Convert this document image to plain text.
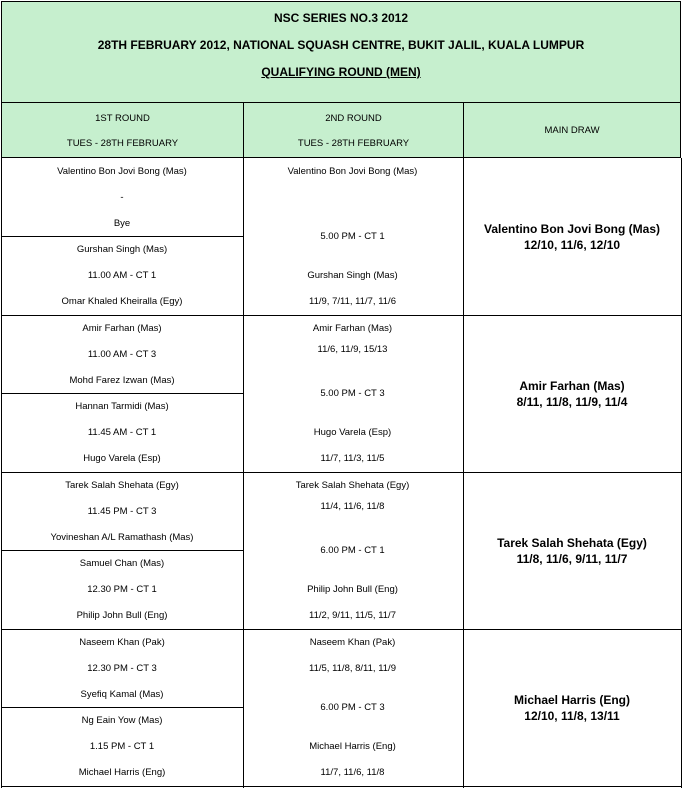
NSC SERIES NO.3 2012
28TH FEBRUARY 2012, NATIONAL SQUASH CENTRE, BUKIT JALIL, KUALA LUMPUR
QUALIFYING ROUND (MEN)
1ST ROUND
TUES - 28TH FEBRUARY
2ND ROUND
TUES - 28TH FEBRUARY
MAIN DRAW
Valentino Bon Jovi Bong (Mas)
-
Bye
Gurshan Singh (Mas)
11.00 AM - CT 1
Omar Khaled Kheiralla (Egy)
Valentino Bon Jovi Bong (Mas)
5.00 PM - CT 1
Gurshan Singh (Mas)
11/9, 7/11, 11/7, 11/6
Valentino Bon Jovi Bong (Mas)
12/10, 11/6, 12/10
Amir Farhan (Mas)
11.00 AM - CT 3
Mohd Farez Izwan (Mas)
Hannan Tarmidi (Mas)
11.45 AM - CT 1
Hugo Varela (Esp)
Amir Farhan (Mas)
11/6, 11/9, 15/13
5.00 PM - CT 3
Hugo Varela (Esp)
11/7, 11/3, 11/5
Amir Farhan (Mas)
8/11, 11/8, 11/9, 11/4
Tarek Salah Shehata (Egy)
11.45 PM - CT 3
Yovineshan A/L Ramathash (Mas)
Samuel Chan (Mas)
12.30 PM - CT 1
Philip John Bull (Eng)
Tarek Salah Shehata (Egy)
11/4, 11/6, 11/8
6.00 PM - CT 1
Philip John Bull (Eng)
11/2, 9/11, 11/5, 11/7
Tarek Salah Shehata (Egy)
11/8, 11/6, 9/11, 11/7
Naseem Khan (Pak)
12.30 PM - CT 3
Syefiq Kamal (Mas)
Ng Eain Yow (Mas)
1.15 PM - CT 1
Michael Harris (Eng)
Naseem Khan (Pak)
11/5, 11/8, 8/11, 11/9
6.00 PM - CT 3
Michael Harris (Eng)
11/7, 11/6, 11/8
Michael Harris (Eng)
12/10, 11/8, 13/11
